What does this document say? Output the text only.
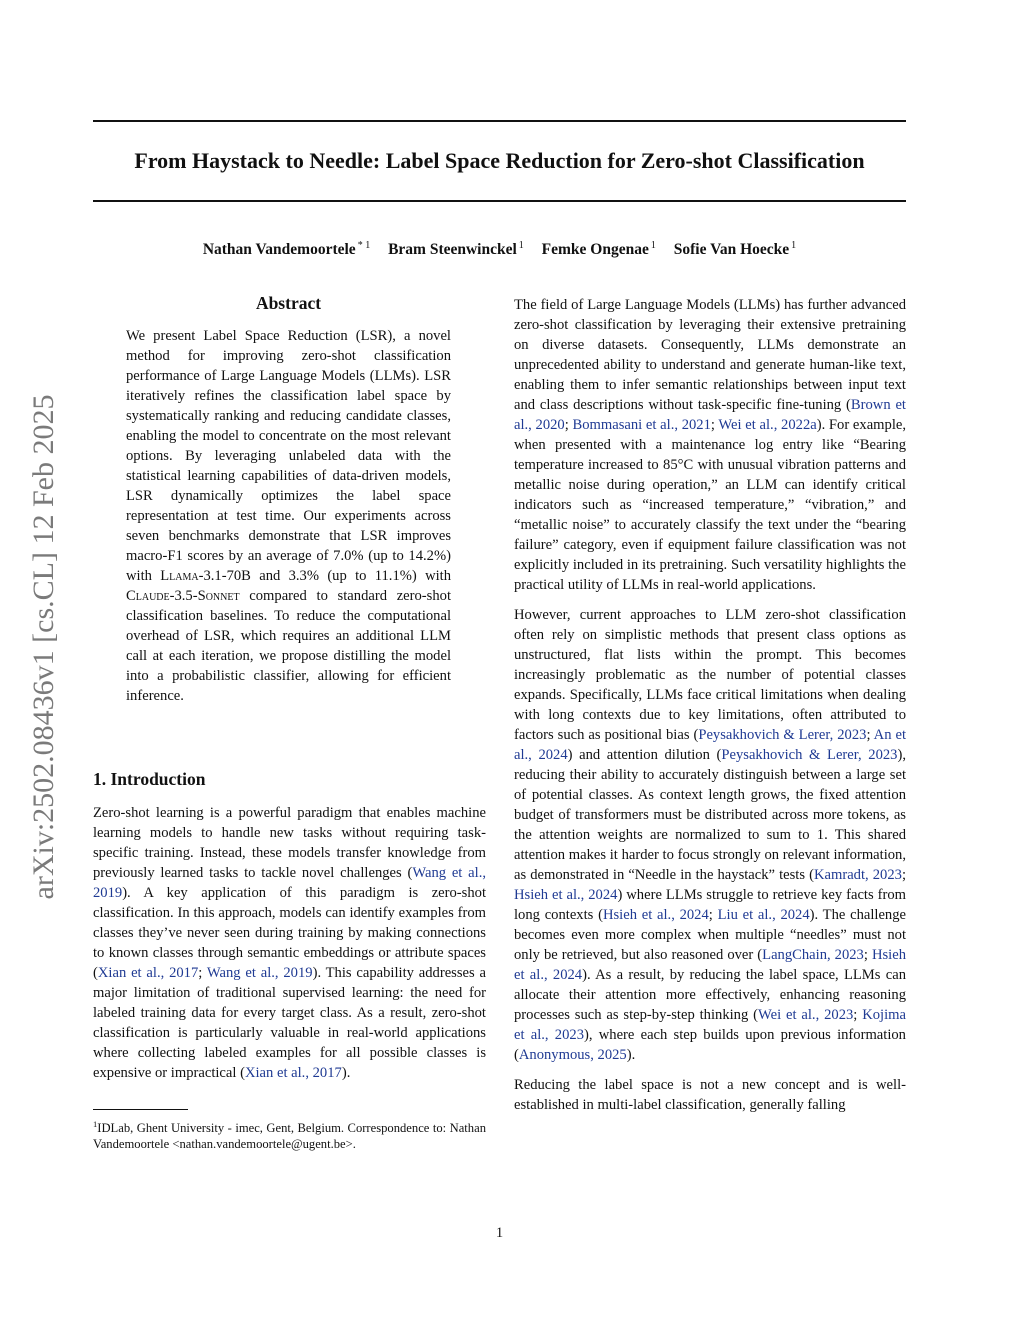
arXiv:2502.08436v1 [cs.CL] 12 Feb 2025
From Haystack to Needle: Label Space Reduction for Zero-shot Classification
Nathan Vandemoortele $^{* 1}$ Bram Steenwinckel $^1$ Femke Ongenae $^1$ Sofie Van Hoecke $^1$
Abstract

We present Label Space Reduction (LSR), a novel method for improving zero-shot classification performance of Large Language Models (LLMs). LSR iteratively refines the classification label space by systematically ranking and reducing candidate classes, enabling the model to concentrate on the most relevant options. By leveraging unlabeled data with the statistical learning capabilities of data-driven models, LSR dynamically optimizes the label space representation at test time. Our experiments across seven benchmarks demonstrate that LSR improves macro-F1 scores by an average of 7.0% (up to 14.2%) with Llama-3.1-70B and 3.3% (up to 11.1%) with Claude-3.5-Sonnet compared to standard zero-shot classification baselines. To reduce the computational overhead of LSR, which requires an additional LLM call at each iteration, we propose distilling the model into a probabilistic classifier, allowing for efficient inference.

1. Introduction

Zero-shot learning is a powerful paradigm that enables machine learning models to handle new tasks without requiring task-specific training. Instead, these models transfer knowledge from previously learned tasks to tackle novel challenges (Wang et al., 2019). A key application of this paradigm is zero-shot classification. In this approach, models can identify examples from classes they’ve never seen during training by making connections to known classes through semantic embeddings or attribute spaces (Xian et al., 2017; Wang et al., 2019). This capability addresses a major limitation of traditional supervised learning: the need for labeled training data for every target class. As a result, zero-shot classification is particularly valuable in real-world applications where collecting labeled examples for all possible classes is expensive or impractical (Xian et al., 2017).

$^1$IDLab, Ghent University - imec, Gent, Belgium. Correspondence to: Nathan Vandemoortele <nathan.vandemoortele@ugent.be>.

The field of Large Language Models (LLMs) has further advanced zero-shot classification by leveraging their extensive pretraining on diverse datasets. Consequently, LLMs demonstrate an unprecedented ability to understand and generate human-like text, enabling them to infer semantic relationships between input text and class descriptions without task-specific fine-tuning (Brown et al., 2020; Bommasani et al., 2021; Wei et al., 2022a). For example, when presented with a maintenance log entry like “Bearing temperature increased to 85°C with unusual vibration patterns and metallic noise during operation,” an LLM can identify critical indicators such as “increased temperature,” “vibration,” and “metallic noise” to accurately classify the text under the “bearing failure” category, even if equipment failure classification was not explicitly included in its pretraining. Such versatility highlights the practical utility of LLMs in real-world applications.

However, current approaches to LLM zero-shot classification often rely on simplistic methods that present class options as unstructured, flat lists within the prompt. This becomes increasingly problematic as the number of potential classes expands. Specifically, LLMs face critical limitations when dealing with long contexts due to key limitations, often attributed to factors such as positional bias (Peysakhovich & Lerer, 2023; An et al., 2024) and attention dilution (Peysakhovich & Lerer, 2023), reducing their ability to accurately distinguish between a large set of potential classes. As context length grows, the fixed attention budget of transformers must be distributed across more tokens, as the attention weights are normalized to sum to 1. This shared attention makes it harder to focus strongly on relevant information, as demonstrated in “Needle in the haystack” tests (Kamradt, 2023; Hsieh et al., 2024) where LLMs struggle to retrieve key facts from long contexts (Hsieh et al., 2024; Liu et al., 2024). The challenge becomes even more complex when multiple “needles” must not only be retrieved, but also reasoned over (LangChain, 2023; Hsieh et al., 2024). As a result, by reducing the label space, LLMs can allocate their attention more effectively, enhancing reasoning processes such as step-by-step thinking (Wei et al., 2023; Kojima et al., 2023), where each step builds upon previous information (Anonymous, 2025).

Reducing the label space is not a new concept and is well-established in multi-label classification, generally falling

1
